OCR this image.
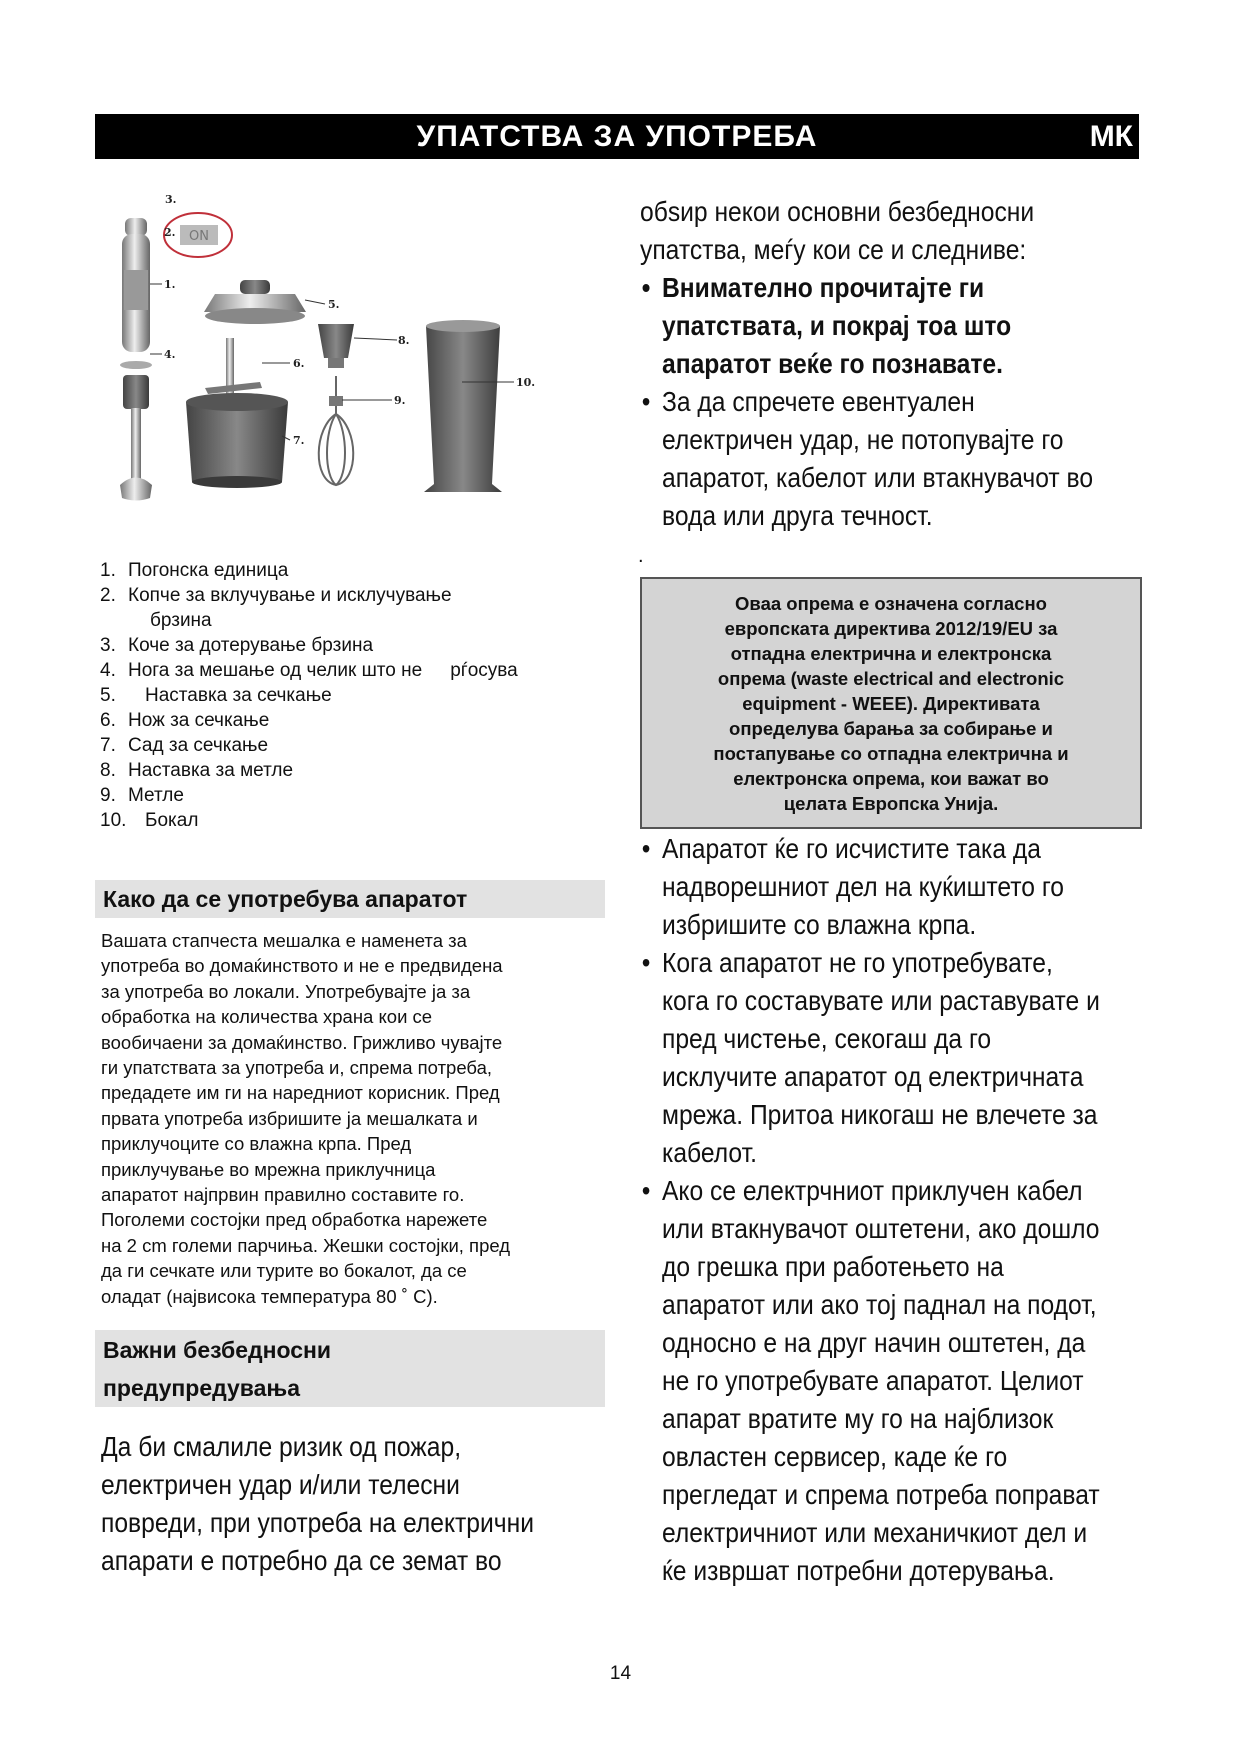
УПАТСТВА ЗА УПОТРЕБА	МК
ON
3.
2.
1.
4.
5.
6.
7.
8.
9.
10.
1. Погонска единица
2. Копче за вклучување и исклучување
брзина
3. Коче за дотерување брзина
4. Нога за мешање од челик што не рѓосува
5.	Наставка за сечкање
6. Нож за сечкање
7. Сад за сечкање
8. Наставка за метле
9. Метле
10. Бокал
Како да се употребува апаратот
Вашата стапчеста мешалка е наменета за
употреба во домаќинството и не е предвидена
за употреба во локали. Употребувајте ја за
обработка на количества храна кои се
вообичаени за домаќинство. Грижливо чувајте
ги упатствата за употреба и, спрема потреба,
предадете им ги на наредниот корисник. Пред
првата употреба избришите ја мешалката и
приклучоците со влажна крпа. Пред
приклучување во мрежна приклучница
апаратот најпрвин правилно составите го.
Поголеми состојки пред обработка нарежете
на 2 cm големи парчиња. Жешки состојки, пред
да ги сечкате или турите во бокалот, да се
оладат (највисока температура 80 ˚ C).
Важни безбедносни
предупредувања
Да би смалиле ризик од пожар,
електричен удар и/или телесни
повреди, при употреба на електрични
апарати е потребно да се земат во
обѕир некои основни безбедносни
упатства, меѓу кои се и следниве:
• Внимателно прочитајте ги
упатствата, и покрај тоа што
апаратот веќе го познавате.
• За да спречете евентуален
електричен удар, не потопувајте го
апаратот, кабелот или втакнувачот во
вода или друга течност.
.
Оваа опрема е означена согласно
европската директива 2012/19/EU за
отпадна електрична и електронска
опрема (waste electrical and electronic
equipment - WEEE). Директивата
определува барања за собирање и
постапување со отпадна електрична и
електронска опрема, кои важат во
целата Европска Унија.
• Апаратот ќе го исчистите така да
надворешниот дел на куќиштето го
избришите со влажна крпа.
• Кога апаратот не го употребувате,
кога го составувате или раставувате и
пред чистење, секогаш да го
исклучите апаратот од електричната
мрежа. Притоа никогаш не влечете за
кабелот.
• Ако се електрчниот приклучен кабел
или втакнувачот оштетени, ако дошло
до грешка при работењето на
апаратот или ако тој паднал на подот,
односно е на друг начин оштетен, да
не го употребувате апаратот. Целиот
апарат вратите му го на најблизок
овластен сервисер, каде ќе го
прегледат и спрема потреба поправат
електричниот или механичкиот дел и
ќе извршат потребни дотерувања.
14
